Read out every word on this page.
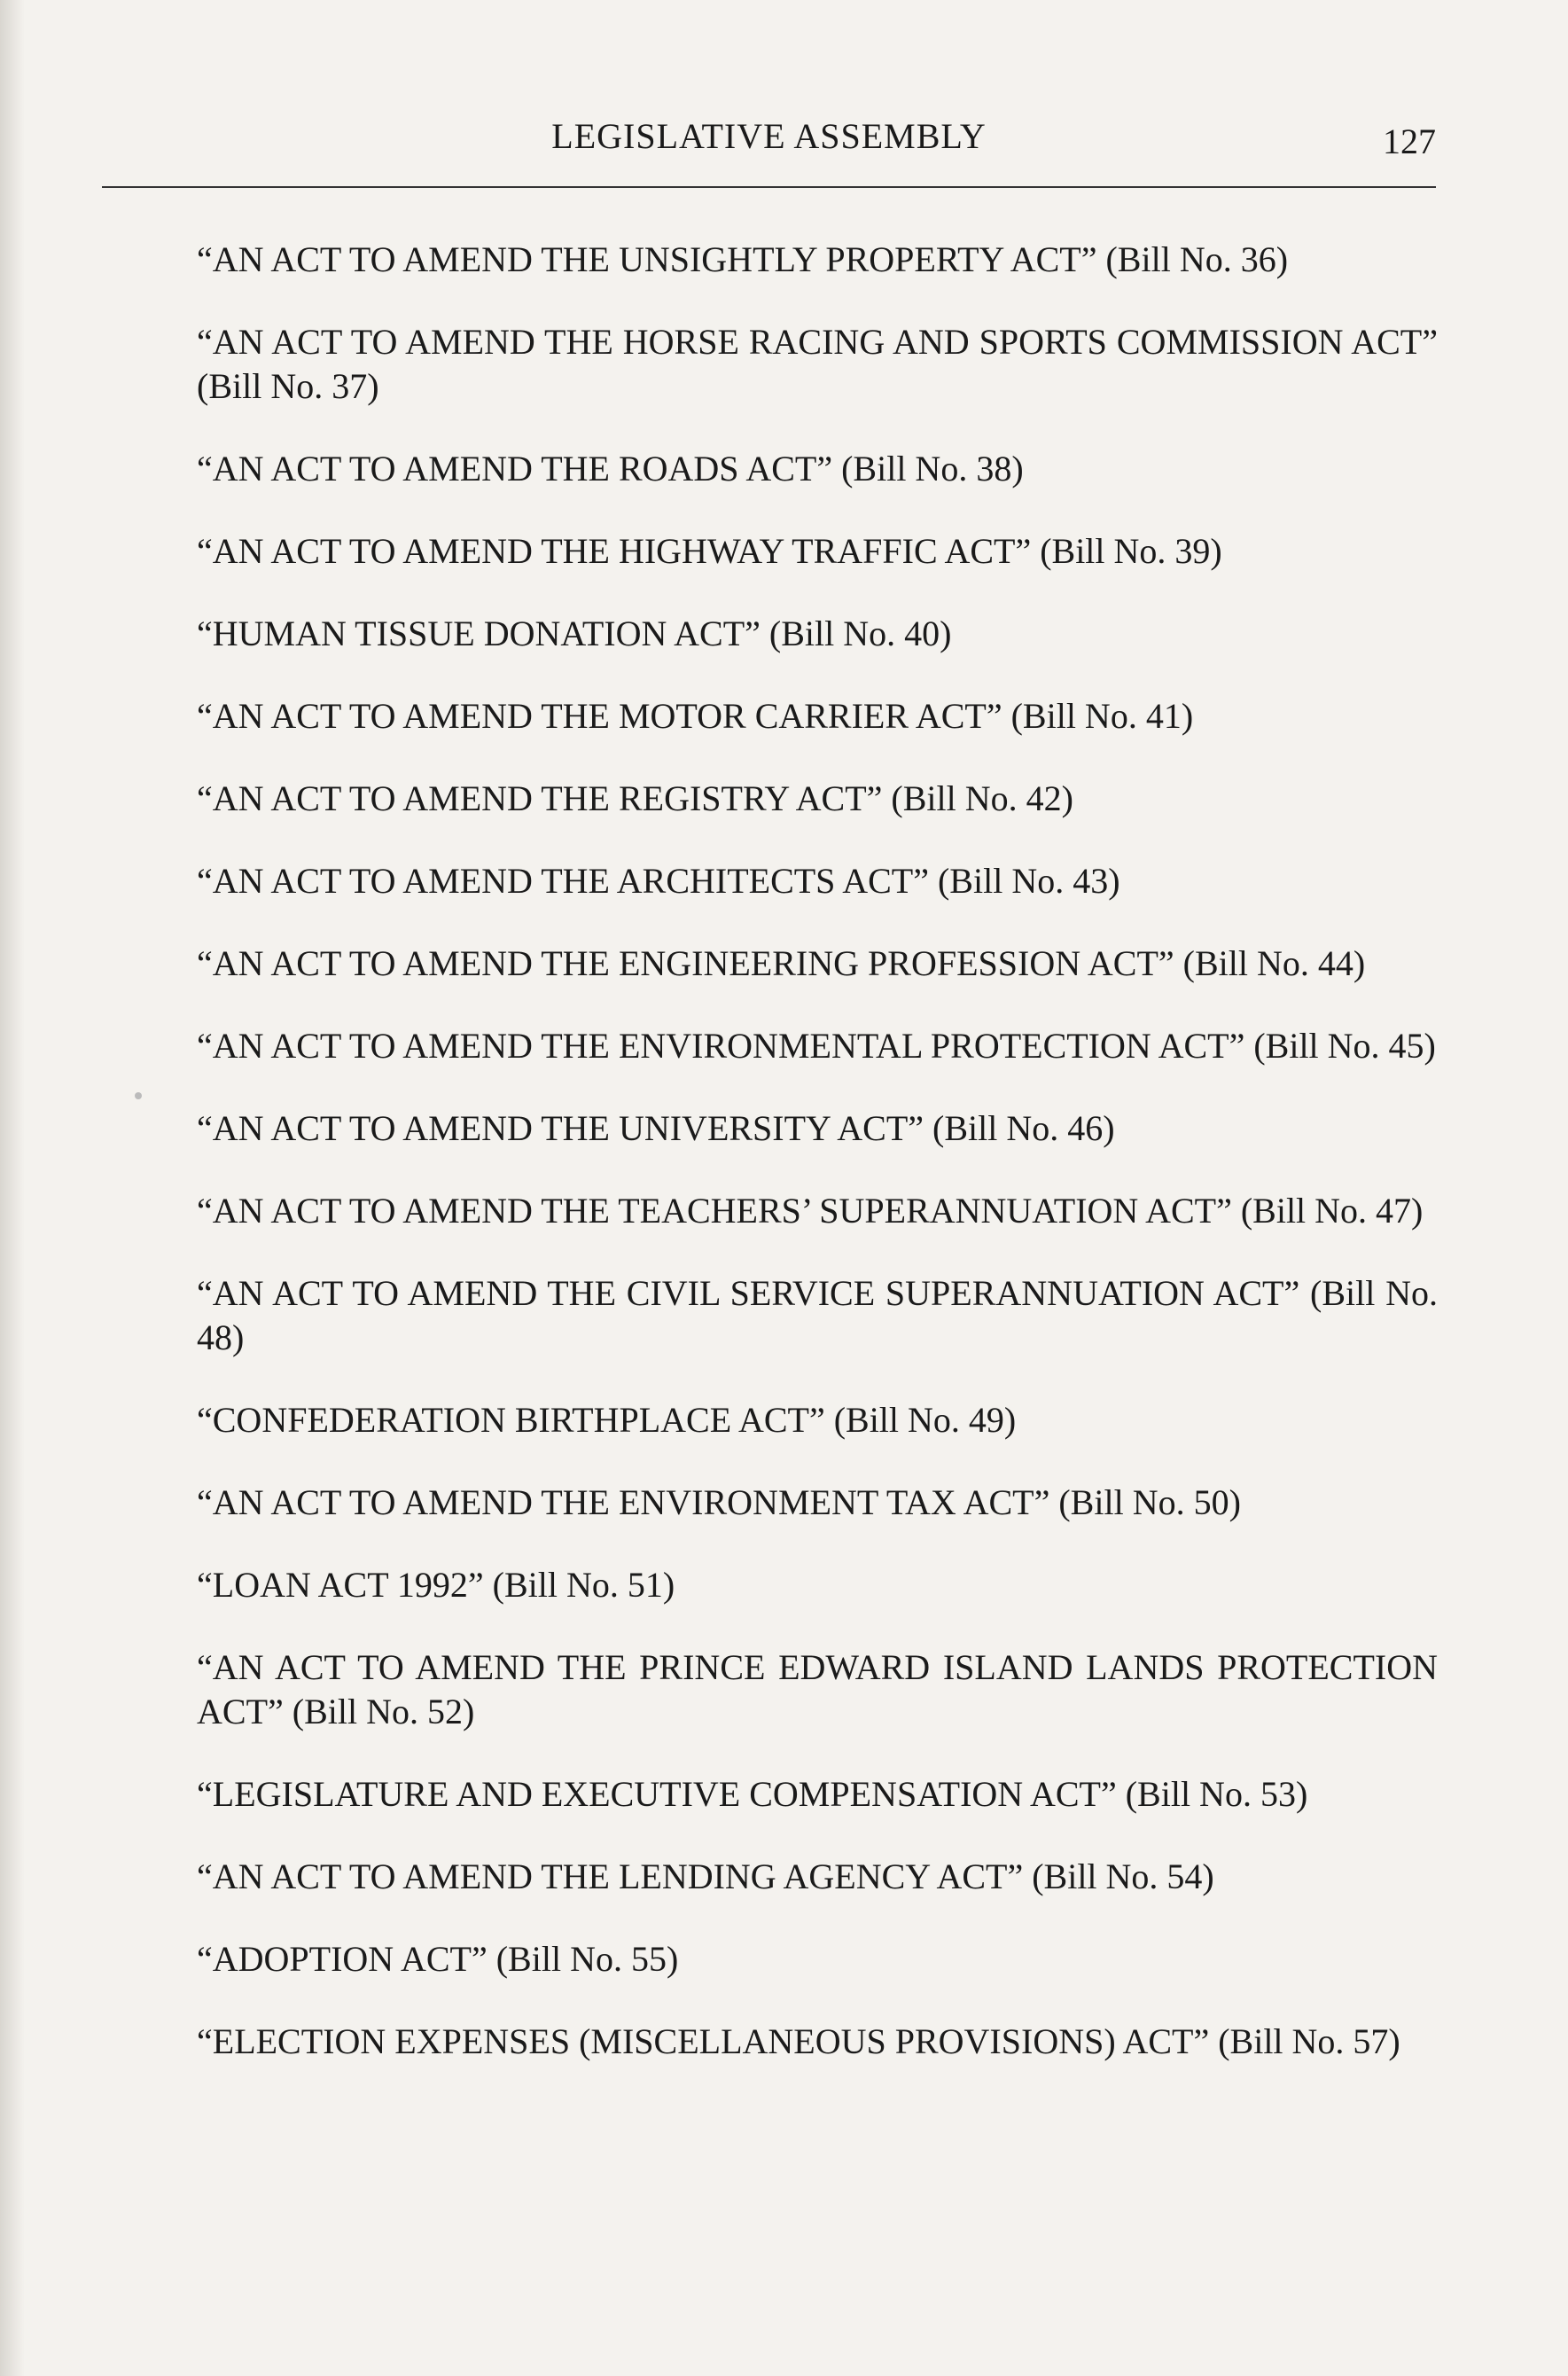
LEGISLATIVE ASSEMBLY	127
“AN ACT TO AMEND THE UNSIGHTLY PROPERTY ACT” (Bill No. 36)
“AN ACT TO AMEND THE HORSE RACING AND SPORTS COMMISSION ACT” (Bill No. 37)
“AN ACT TO AMEND THE ROADS ACT” (Bill No. 38)
“AN ACT TO AMEND THE HIGHWAY TRAFFIC ACT” (Bill No. 39)
“HUMAN TISSUE DONATION ACT” (Bill No. 40)
“AN ACT TO AMEND THE MOTOR CARRIER ACT” (Bill No. 41)
“AN ACT TO AMEND THE REGISTRY ACT” (Bill No. 42)
“AN ACT TO AMEND THE ARCHITECTS ACT” (Bill No. 43)
“AN ACT TO AMEND THE ENGINEERING PROFESSION ACT” (Bill No. 44)
“AN ACT TO AMEND THE ENVIRONMENTAL PROTECTION ACT” (Bill No. 45)
“AN ACT TO AMEND THE UNIVERSITY ACT” (Bill No. 46)
“AN ACT TO AMEND THE TEACHERS’ SUPERANNUATION ACT” (Bill No. 47)
“AN ACT TO AMEND THE CIVIL SERVICE SUPERANNUATION ACT” (Bill No. 48)
“CONFEDERATION BIRTHPLACE ACT” (Bill No. 49)
“AN ACT TO AMEND THE ENVIRONMENT TAX ACT” (Bill No. 50)
“LOAN ACT 1992” (Bill No. 51)
“AN ACT TO AMEND THE PRINCE EDWARD ISLAND LANDS PROTECTION ACT” (Bill No. 52)
“LEGISLATURE AND EXECUTIVE COMPENSATION ACT” (Bill No. 53)
“AN ACT TO AMEND THE LENDING AGENCY ACT” (Bill No. 54)
“ADOPTION ACT” (Bill No. 55)
“ELECTION EXPENSES (MISCELLANEOUS PROVISIONS) ACT” (Bill No. 57)
